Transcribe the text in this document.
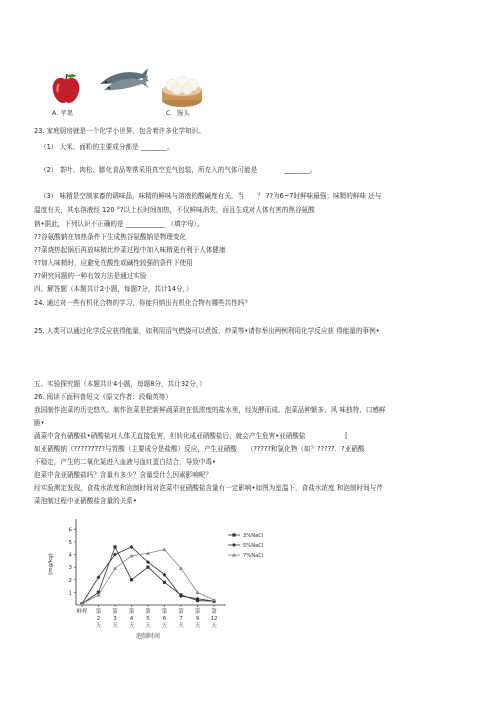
A. 苹果	C．馒头
23. 家庭厨房就是一个化学小世界，包含着许多化学知识。
（1） 大米、面粉的主要成分都是 ________。
（2） 茶叶、肉松、膨化食品等常采用真空充气包装，所充入的气体可能是　　　　________。
（3） 味精是空制家畜的调味品，味精的鲜味与溶液的酸碱度有关，当　　？ ??为6~7时鲜味最强；味精的鲜味 还与
温度有关，其水溶液经 120 °?以上长时间加热，不仅鲜味消失，而且生成对人体有害的焦谷氨酸
钠•据此，下列认识不正确的是 ____________ （填字母）。
??谷氨酸钠在加热条件下生成焦谷氨酸钠是物理变化
??菜烧热起锅后再放味精比炒菜过程中加入味精更有利于人体健康
??加入味精时，应避免在酸性或碱性较强的条件下使用
??研究问题的一种有效方法是通过实验
四、解答题（本题共计2小题，每题7分，共计14分，）
24. 通过对一些有机化合物的学习，你能归纳出有机化合物有哪些共性吗？
25. 人类可以通过化学反应获得能量，如利用沼气燃烧可以煮饭、炒菜等•请你举出两例利用化学反应获 得能量的事例•
五、实验探究题（本题共计4小题，每题8分，共计32分，）
26. 阅读下面科普短文（原文作者：段翰英等）
我国制作泡菜的历史悠久。制作泡菜是把新鲜蔬菜泡在低浓度的盐水里，经发酵而成。泡菜品种繁多、风 味独特、口感鲜
脆•
蔬菜中含有硝酸盐•硝酸盐对人体无直接危害，但转化成亚硝酸盐后，就会产生危害•亚硝酸盐　　　　　　[
如亚硝酸钠（?????????与胃酸（主要成分是盐酸）反应，产生亚硝酸　　（?????和氯化物（如？?????．?亚硝酸
不稳定，产生的二氧化氮进入血液与血红蛋白结合，导致中毒•
泡菜中含亚硝酸盐吗？含量有多少？含量受什么因素影响呢？
经实验测定发现，食盐水浓度和泡制时间对泡菜中亚硝酸盐含量有一定影响•如图为室温下，食盐水浓度 和泡制时间与芹
菜泡制过程中亚硝酸盐含量的关系•
1
2
3
4
5
6
(mg/kg)
鲜样 第
2
天
第
3
天
第
4
天
第
5
天
第
6
天
第
7
天
第
9
天
第
12
天
泡制时间
3%NaCl
5%NaCl
7%NaCl
